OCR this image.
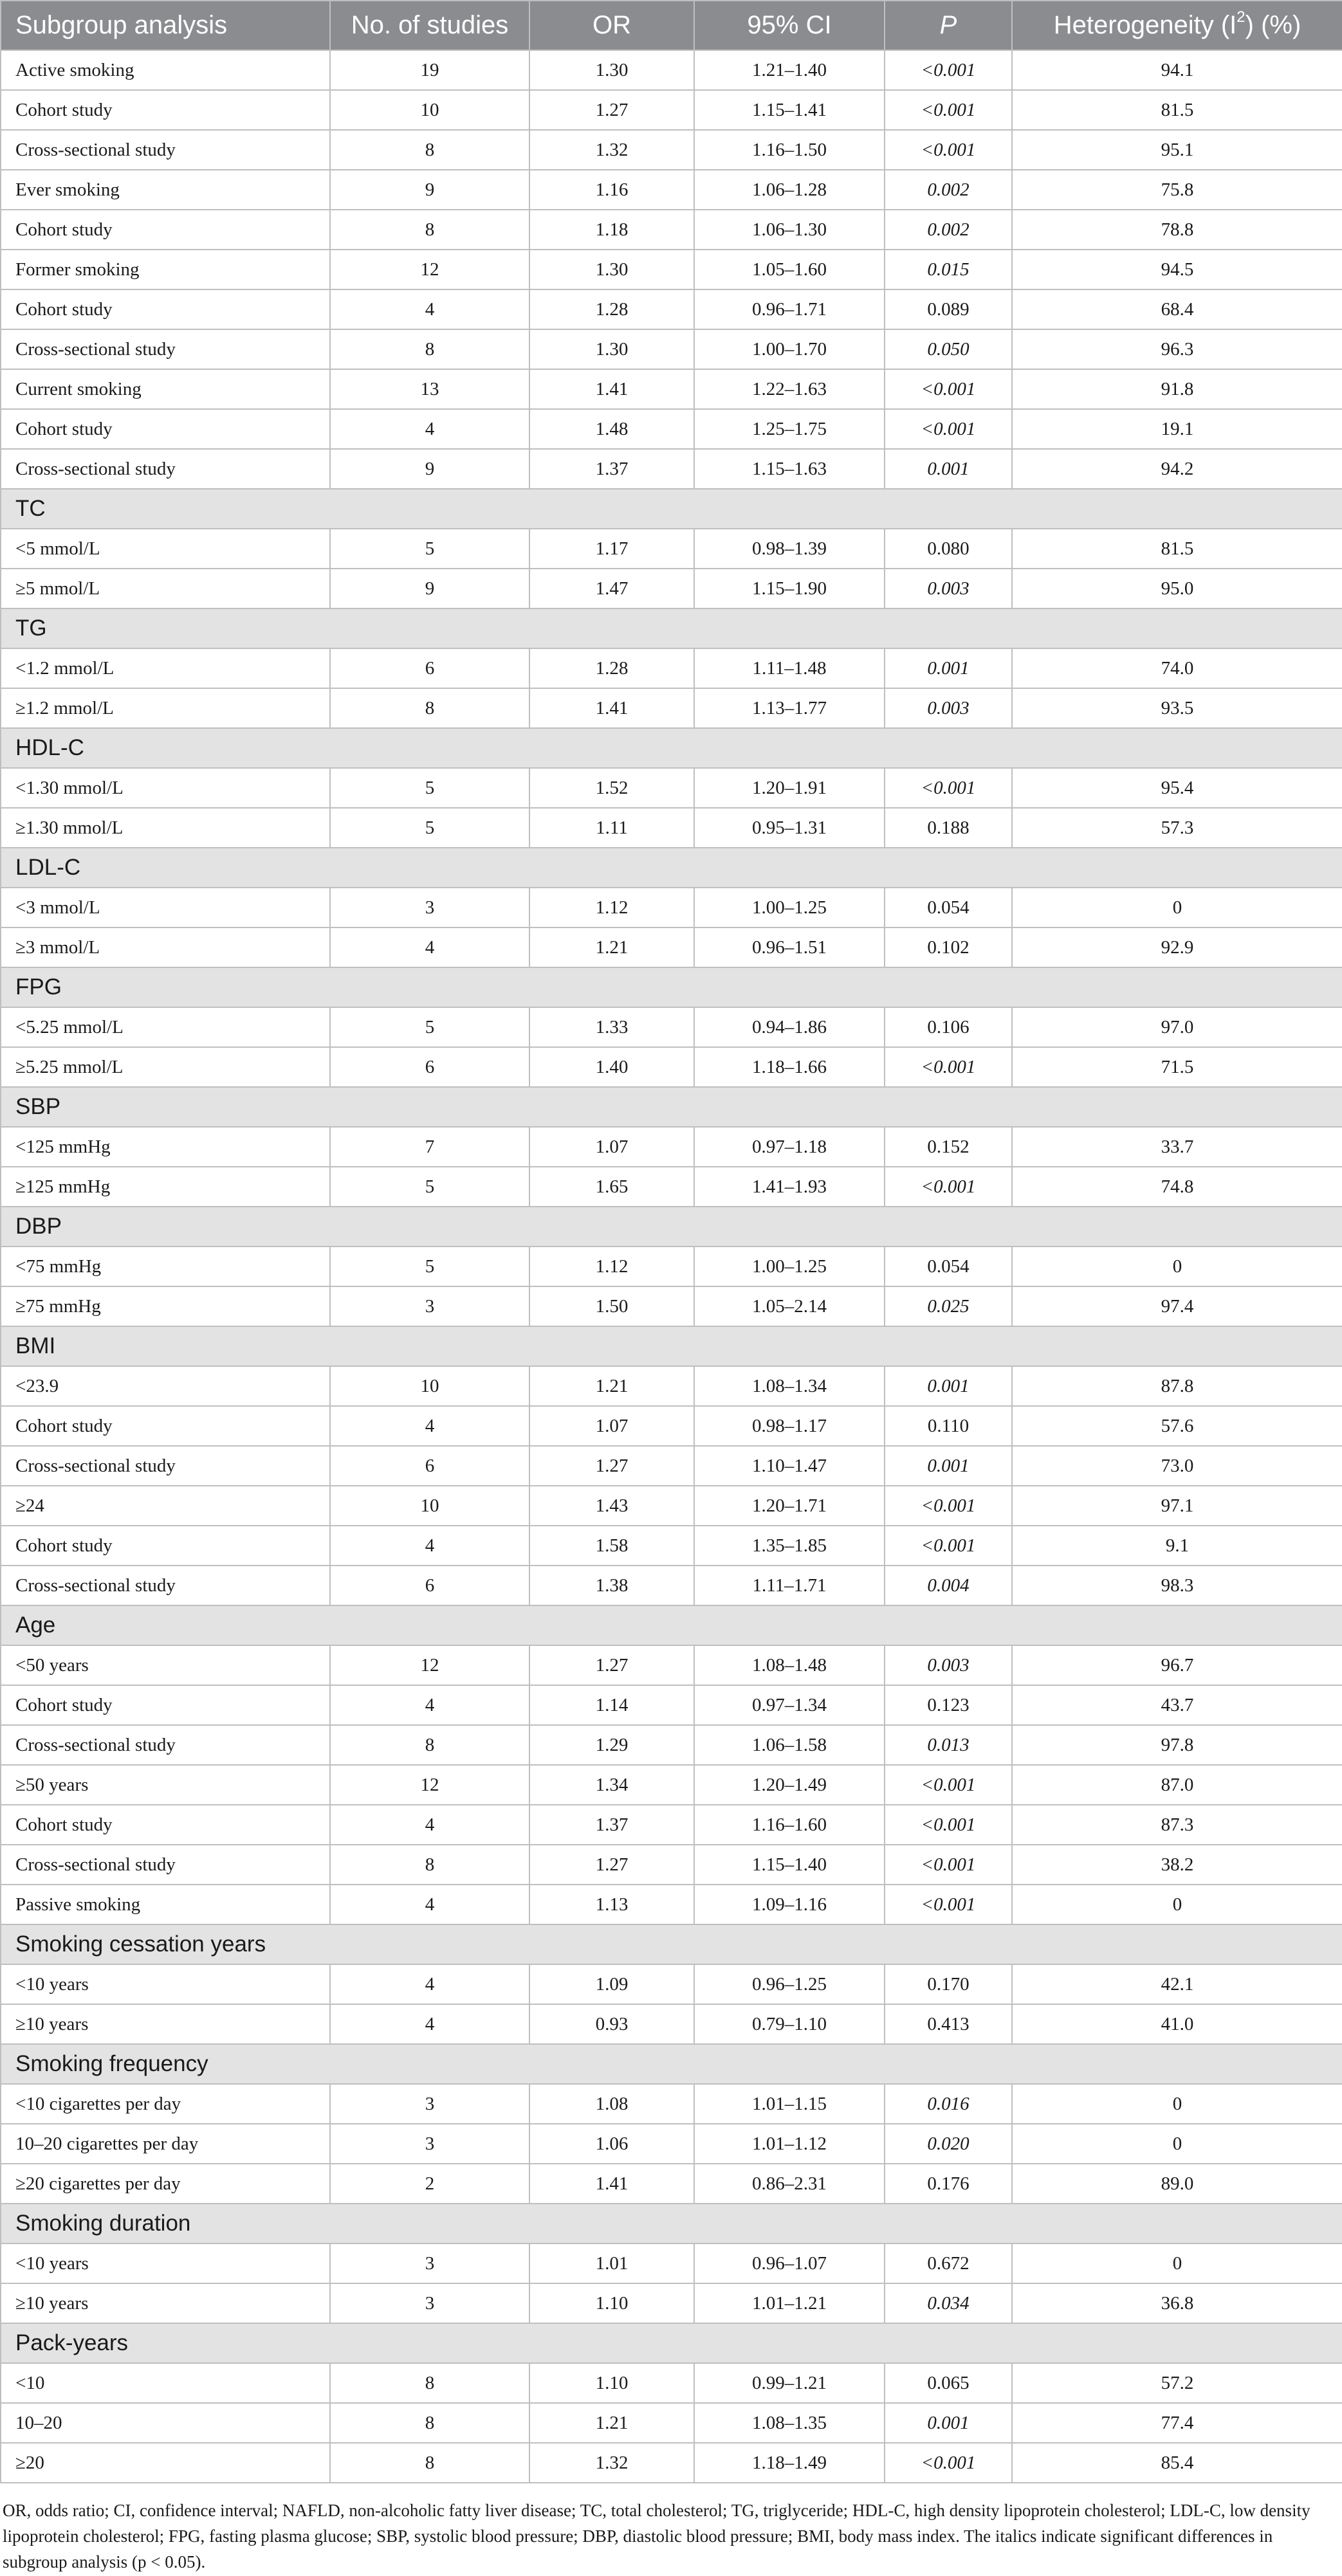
Subgroup analysis	No. of studies	OR	95% CI	P	Heterogeneity $(I^2)$ (%)
Active smoking	19	1.30	1.21–1.40	<0.001	94.1
Cohort study	10	1.27	1.15–1.41	<0.001	81.5
Cross-sectional study	8	1.32	1.16–1.50	<0.001	95.1
Ever smoking	9	1.16	1.06–1.28	0.002	75.8
Cohort study	8	1.18	1.06–1.30	0.002	78.8
Former smoking	12	1.30	1.05–1.60	0.015	94.5
Cohort study	4	1.28	0.96–1.71	0.089	68.4
Cross-sectional study	8	1.30	1.00–1.70	0.050	96.3
Current smoking	13	1.41	1.22–1.63	<0.001	91.8
Cohort study	4	1.48	1.25–1.75	<0.001	19.1
Cross-sectional study	9	1.37	1.15–1.63	0.001	94.2
TC					
<5 mmol/L	5	1.17	0.98–1.39	0.080	81.5
≥5 mmol/L	9	1.47	1.15–1.90	0.003	95.0
TG					
<1.2 mmol/L	6	1.28	1.11–1.48	0.001	74.0
≥1.2 mmol/L	8	1.41	1.13–1.77	0.003	93.5
HDL-C					
<1.30 mmol/L	5	1.52	1.20–1.91	<0.001	95.4
≥1.30 mmol/L	5	1.11	0.95–1.31	0.188	57.3
LDL-C					
<3 mmol/L	3	1.12	1.00–1.25	0.054	0
≥3 mmol/L	4	1.21	0.96–1.51	0.102	92.9
FPG					
<5.25 mmol/L	5	1.33	0.94–1.86	0.106	97.0
≥5.25 mmol/L	6	1.40	1.18–1.66	<0.001	71.5
SBP					
<125 mmHg	7	1.07	0.97–1.18	0.152	33.7
≥125 mmHg	5	1.65	1.41–1.93	<0.001	74.8
DBP					
<75 mmHg	5	1.12	1.00–1.25	0.054	0
≥75 mmHg	3	1.50	1.05–2.14	0.025	97.4
BMI					
<23.9	10	1.21	1.08–1.34	0.001	87.8
Cohort study	4	1.07	0.98–1.17	0.110	57.6
Cross-sectional study	6	1.27	1.10–1.47	0.001	73.0
≥24	10	1.43	1.20–1.71	<0.001	97.1
Cohort study	4	1.58	1.35–1.85	<0.001	9.1
Cross-sectional study	6	1.38	1.11–1.71	0.004	98.3
Age					
<50 years	12	1.27	1.08–1.48	0.003	96.7
Cohort study	4	1.14	0.97–1.34	0.123	43.7
Cross-sectional study	8	1.29	1.06–1.58	0.013	97.8
≥50 years	12	1.34	1.20–1.49	<0.001	87.0
Cohort study	4	1.37	1.16–1.60	<0.001	87.3
Cross-sectional study	8	1.27	1.15–1.40	<0.001	38.2
Passive smoking	4	1.13	1.09–1.16	<0.001	0
Smoking cessation years					
<10 years	4	1.09	0.96–1.25	0.170	42.1
≥10 years	4	0.93	0.79–1.10	0.413	41.0
Smoking frequency					
<10 cigarettes per day	3	1.08	1.01–1.15	0.016	0
10–20 cigarettes per day	3	1.06	1.01–1.12	0.020	0
≥20 cigarettes per day	2	1.41	0.86–2.31	0.176	89.0
Smoking duration					
<10 years	3	1.01	0.96–1.07	0.672	0
≥10 years	3	1.10	1.01–1.21	0.034	36.8
Pack-years					
<10	8	1.10	0.99–1.21	0.065	57.2
10–20	8	1.21	1.08–1.35	0.001	77.4
≥20	8	1.32	1.18–1.49	<0.001	85.4
OR, odds ratio; CI, confidence interval; NAFLD, non-alcoholic fatty liver disease; TC, total cholesterol; TG, triglyceride; HDL-C, high density lipoprotein cholesterol; LDL-C, low density lipoprotein cholesterol; FPG, fasting plasma glucose; SBP, systolic blood pressure; DBP, diastolic blood pressure; BMI, body mass index. The italics indicate significant differences in subgroup analysis (p < 0.05).
